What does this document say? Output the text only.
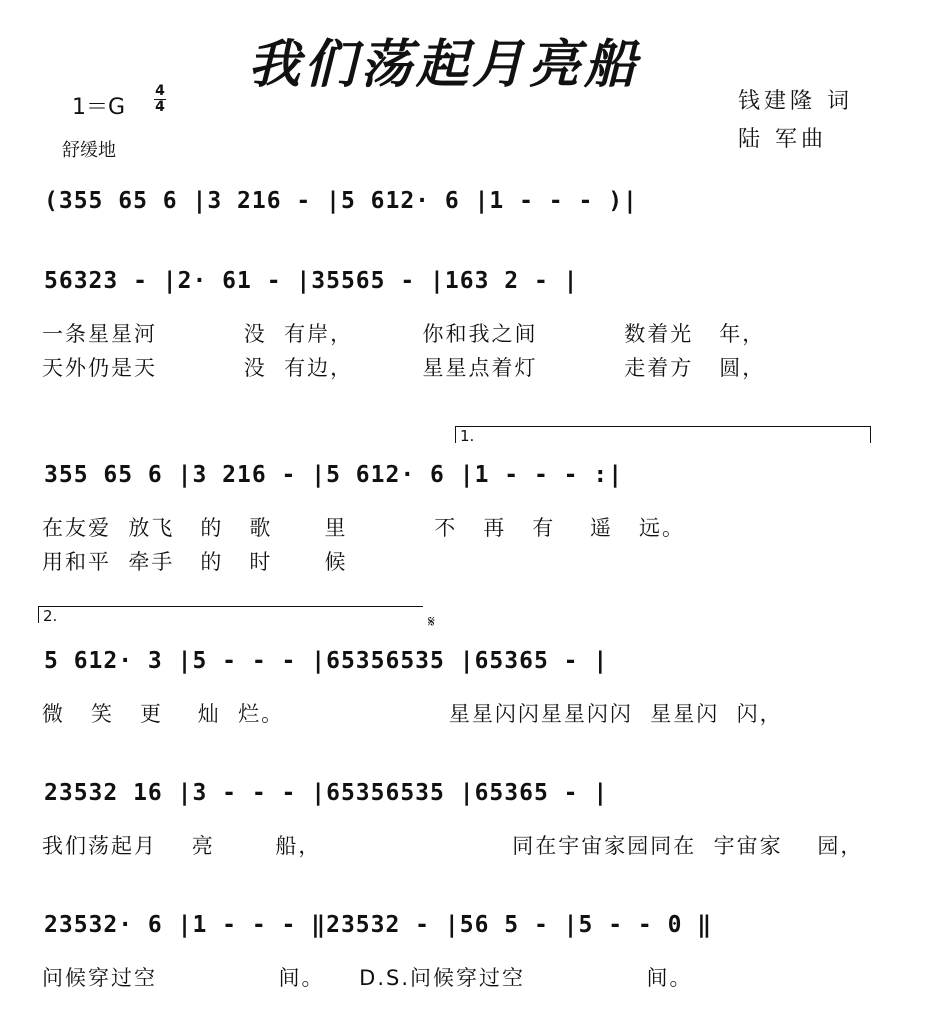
我们荡起月亮船
1＝G
4
4
舒缓地
钱建隆 词
陆 军曲
(355 65 6 |3 216 - |5 612· 6 |1 - - - )|
56323 - |2· 61 - |35565 - |163 2 - |
一条星星河          没  有岸，        你和我之间          数着光   年，
天外仍是天          没  有边，        星星点着灯          走着方   圆，
1.
355 65 6 |3 216 - |5 612· 6 |1 - - - :|
在友爱  放飞   的   歌      里          不   再   有    遥   远。
用和平  牵手   的   时      候
2.	𝄋
5 612· 3 |5 - - - |65356535 |65365 - |
微   笑   更    灿  烂。                   星星闪闪星星闪闪  星星闪  闪，
23532 16 |3 - - - |65356535 |65365 - |
我们荡起月    亮       船，                      同在宇宙家园同在  宇宙家    园，
23532· 6 |1 - - - ‖23532 - |56 5 - |5 - - 0 ‖
问候穿过空              间。    D.S.问候穿过空              间。
